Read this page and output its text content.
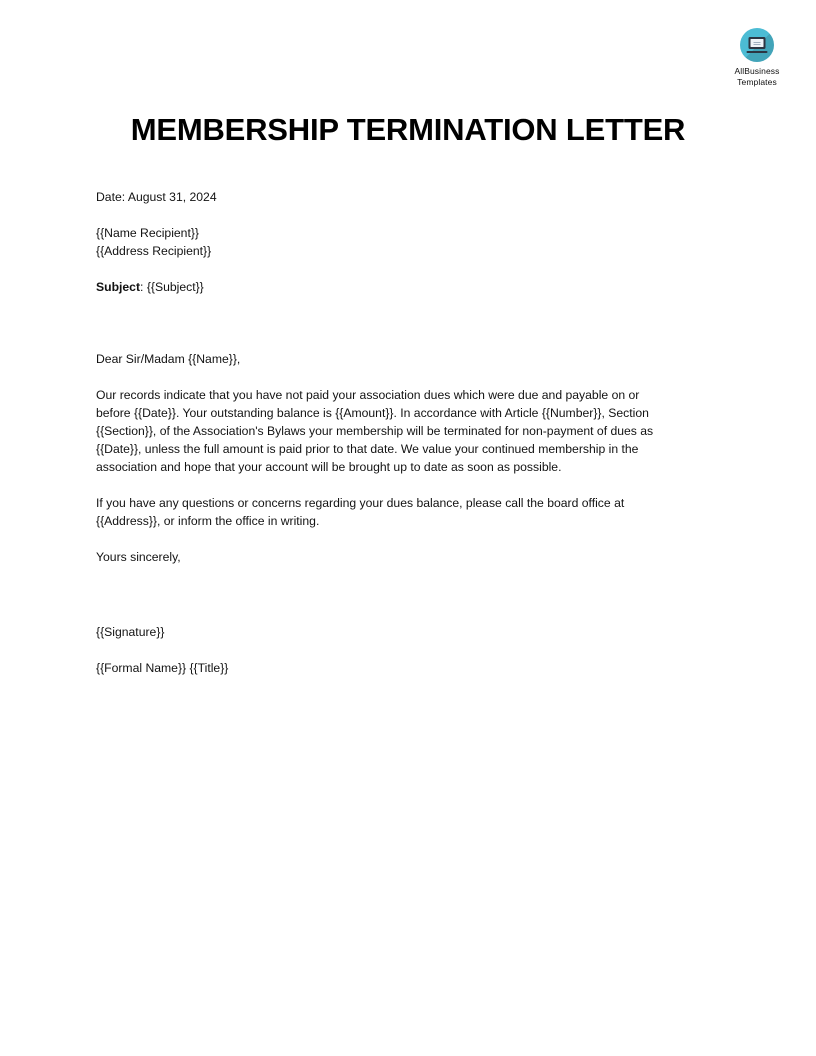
AllBusiness
Templates
MEMBERSHIP TERMINATION LETTER

Date: August 31, 2024

{{Name Recipient}}

{{Address Recipient}}

Subject: {{Subject}}

Dear Sir/Madam {{Name}},

Our records indicate that you have not paid your association dues which were due and payable on or
before {{Date}}. Your outstanding balance is {{Amount}}. In accordance with Article {{Number}}, Section
{{Section}}, of the Association's Bylaws your membership will be terminated for non-payment of dues as
{{Date}}, unless the full amount is paid prior to that date. We value your continued membership in the
association and hope that your account will be brought up to date as soon as possible.
If you have any questions or concerns regarding your dues balance, please call the board office at
{{Address}}, or inform the office in writing.

Yours sincerely,

{{Signature}}

{{Formal Name}} {{Title}}
